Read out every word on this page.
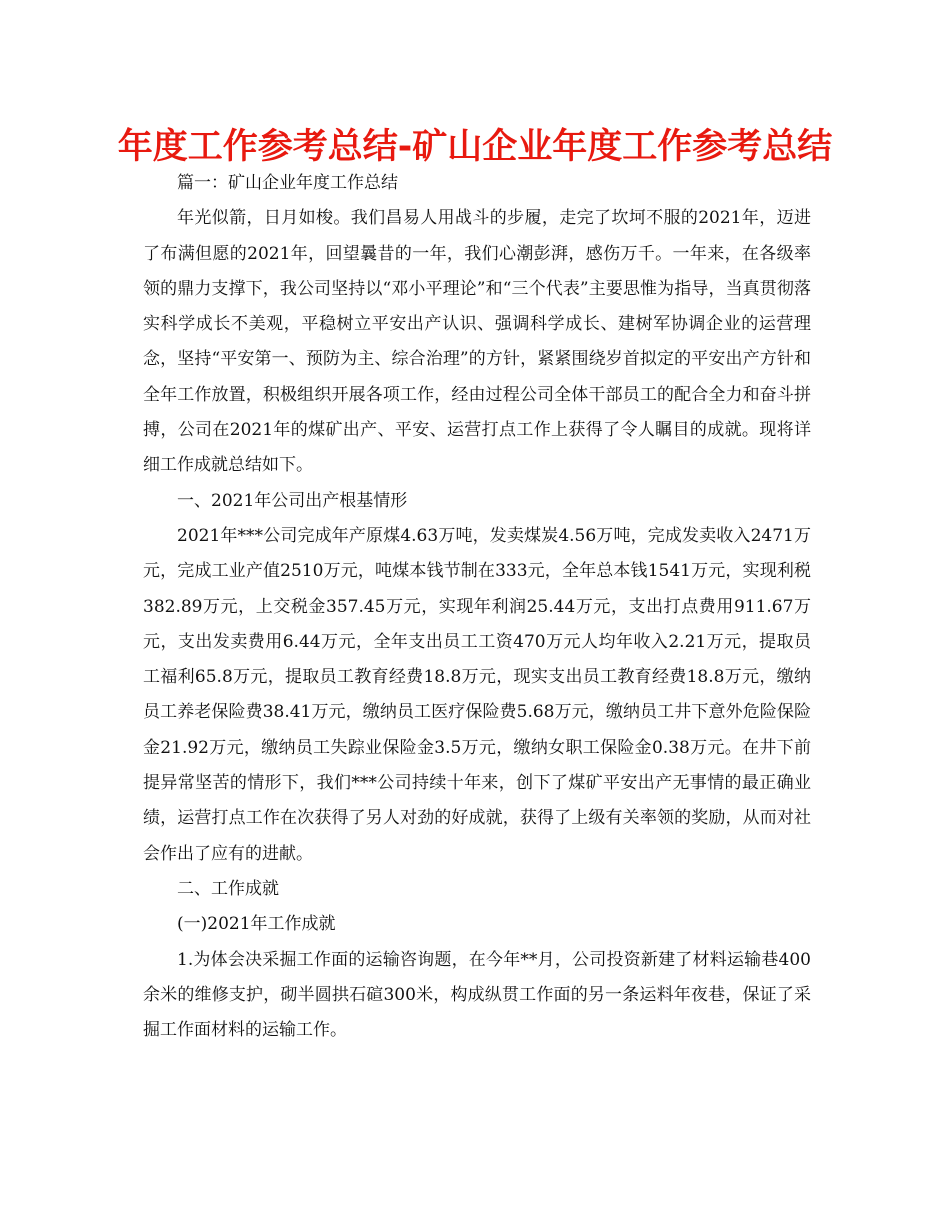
年度工作参考总结-矿山企业年度工作参考总结

篇一：矿山企业年度工作总结

年光似箭，日月如梭。我们昌易人用战斗的步履，走完了坎坷不服的2021年，迈进了布满但愿的2021年，回望曩昔的一年，我们心潮彭湃，感伤万千。一年来，在各级率领的鼎力支撑下，我公司坚持以“邓小平理论”和“三个代表”主要思惟为指导，当真贯彻落实科学成长不美观，平稳树立平安出产认识、强调科学成长、建树军协调企业的运营理念，坚持“平安第一、预防为主、综合治理”的方针，紧紧围绕岁首拟定的平安出产方针和全年工作放置，积极组织开展各项工作，经由过程公司全体干部员工的配合全力和奋斗拼搏，公司在2021年的煤矿出产、平安、运营打点工作上获得了令人瞩目的成就。现将详细工作成就总结如下。

一、2021年公司出产根基情形

2021年***公司完成年产原煤4.63万吨，发卖煤炭4.56万吨，完成发卖收入2471万元，完成工业产值2510万元，吨煤本钱节制在333元，全年总本钱1541万元，实现利税382.89万元，上交税金357.45万元，实现年利润25.44万元，支出打点费用911.67万元，支出发卖费用6.44万元，全年支出员工工资470万元人均年收入2.21万元，提取员工福利65.8万元，提取员工教育经费18.8万元，现实支出员工教育经费18.8万元，缴纳员工养老保险费38.41万元，缴纳员工医疗保险费5.68万元，缴纳员工井下意外危险保险金21.92万元，缴纳员工失踪业保险金3.5万元，缴纳女职工保险金0.38万元。在井下前提异常坚苦的情形下，我们***公司持续十年来，创下了煤矿平安出产无事情的最正确业绩，运营打点工作在次获得了另人对劲的好成就，获得了上级有关率领的奖励，从而对社会作出了应有的进献。

二、工作成就

(一)2021年工作成就

1.为体会决采掘工作面的运输咨询题，在今年**月，公司投资新建了材料运输巷400余米的维修支护，砌半圆拱石碹300米，构成纵贯工作面的另一条运料年夜巷，保证了采掘工作面材料的运输工作。
